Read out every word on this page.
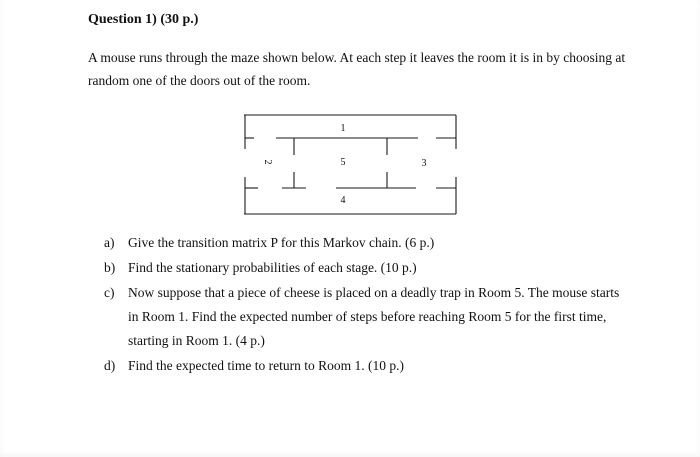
Question 1) (30 p.)
A mouse runs through the maze shown below. At each step it leaves the room it is in by choosing at random one of the doors out of the room.
1
2	5	3
4
a)	Give the transition matrix P for this Markov chain. (6 p.)
b) Find the stationary probabilities of each stage. (10 p.)
c)	Now suppose that a piece of cheese is placed on a deadly trap in Room 5. The mouse starts in Room 1. Find the expected number of steps before reaching Room 5 for the first time, starting in Room 1. (4 p.)
d) Find the expected time to return to Room 1. (10 p.)
